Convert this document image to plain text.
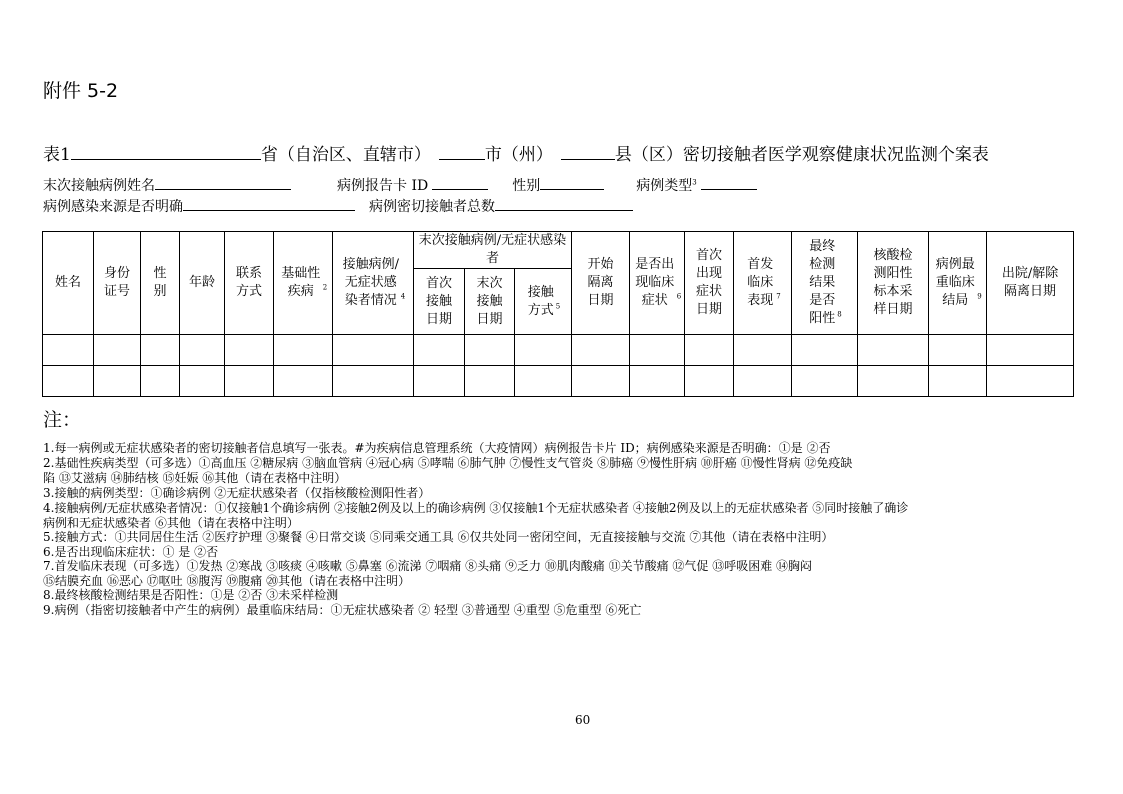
附件 5-2
表1	省（自治区、直辖市）	市（州）	县（区）密切接触者医学观察健康状况监测个案表
末次接触病例姓名	病例报告卡 ID	性别	病例类型$^3$
病例感染来源是否明确	病例密切接触者总数
姓名	身份证号	性别	年龄	联系方式	基础性疾病 $^2$	接触病例/无症状感染者情况 $^4$	末次接触病例/无症状感染者			开始隔离日期	是否出现临床症状 $^6$	首次出现症状日期	首发临床表现 $^7$	最终检测结果是否阳性 $^8$	核酸检测阳性标本采样日期	病例最重临床结局 $^9$	出院/解除隔离日期
							首次接触日期	末次接触日期	接触方式 $^5$

注：
1.每一病例或无症状感染者的密切接触者信息填写一张表。#为疾病信息管理系统（大疫情网）病例报告卡片 ID；病例感染来源是否明确：①是 ②否
2.基础性疾病类型（可多选）①高血压 ②糖尿病 ③脑血管病 ④冠心病 ⑤哮喘 ⑥肺气肿 ⑦慢性支气管炎 ⑧肺癌 ⑨慢性肝病 ⑩肝癌 ⑪慢性肾病 ⑫免疫缺
陷 ⑬艾滋病 ⑭肺结核 ⑮妊娠 ⑯其他（请在表格中注明）
3.接触的病例类型：①确诊病例 ②无症状感染者（仅指核酸检测阳性者）
4.接触病例/无症状感染者情况：①仅接触1个确诊病例 ②接触2例及以上的确诊病例 ③仅接触1个无症状感染者 ④接触2例及以上的无症状感染者 ⑤同时接触了确诊
病例和无症状感染者 ⑥其他（请在表格中注明）
5.接触方式：①共同居住生活 ②医疗护理 ③聚餐 ④日常交谈 ⑤同乘交通工具 ⑥仅共处同一密闭空间，无直接接触与交流 ⑦其他（请在表格中注明）
6.是否出现临床症状：① 是 ②否
7.首发临床表现（可多选）①发热 ②寒战 ③咳痰 ④咳嗽 ⑤鼻塞 ⑥流涕 ⑦咽痛 ⑧头痛 ⑨乏力 ⑩肌肉酸痛 ⑪关节酸痛 ⑫气促 ⑬呼吸困难 ⑭胸闷
⑮结膜充血 ⑯恶心 ⑰呕吐 ⑱腹泻 ⑲腹痛 ⑳其他（请在表格中注明）
8.最终核酸检测结果是否阳性：①是 ②否 ③未采样检测
9.病例（指密切接触者中产生的病例）最重临床结局：①无症状感染者 ② 轻型 ③普通型 ④重型 ⑤危重型 ⑥死亡
60
